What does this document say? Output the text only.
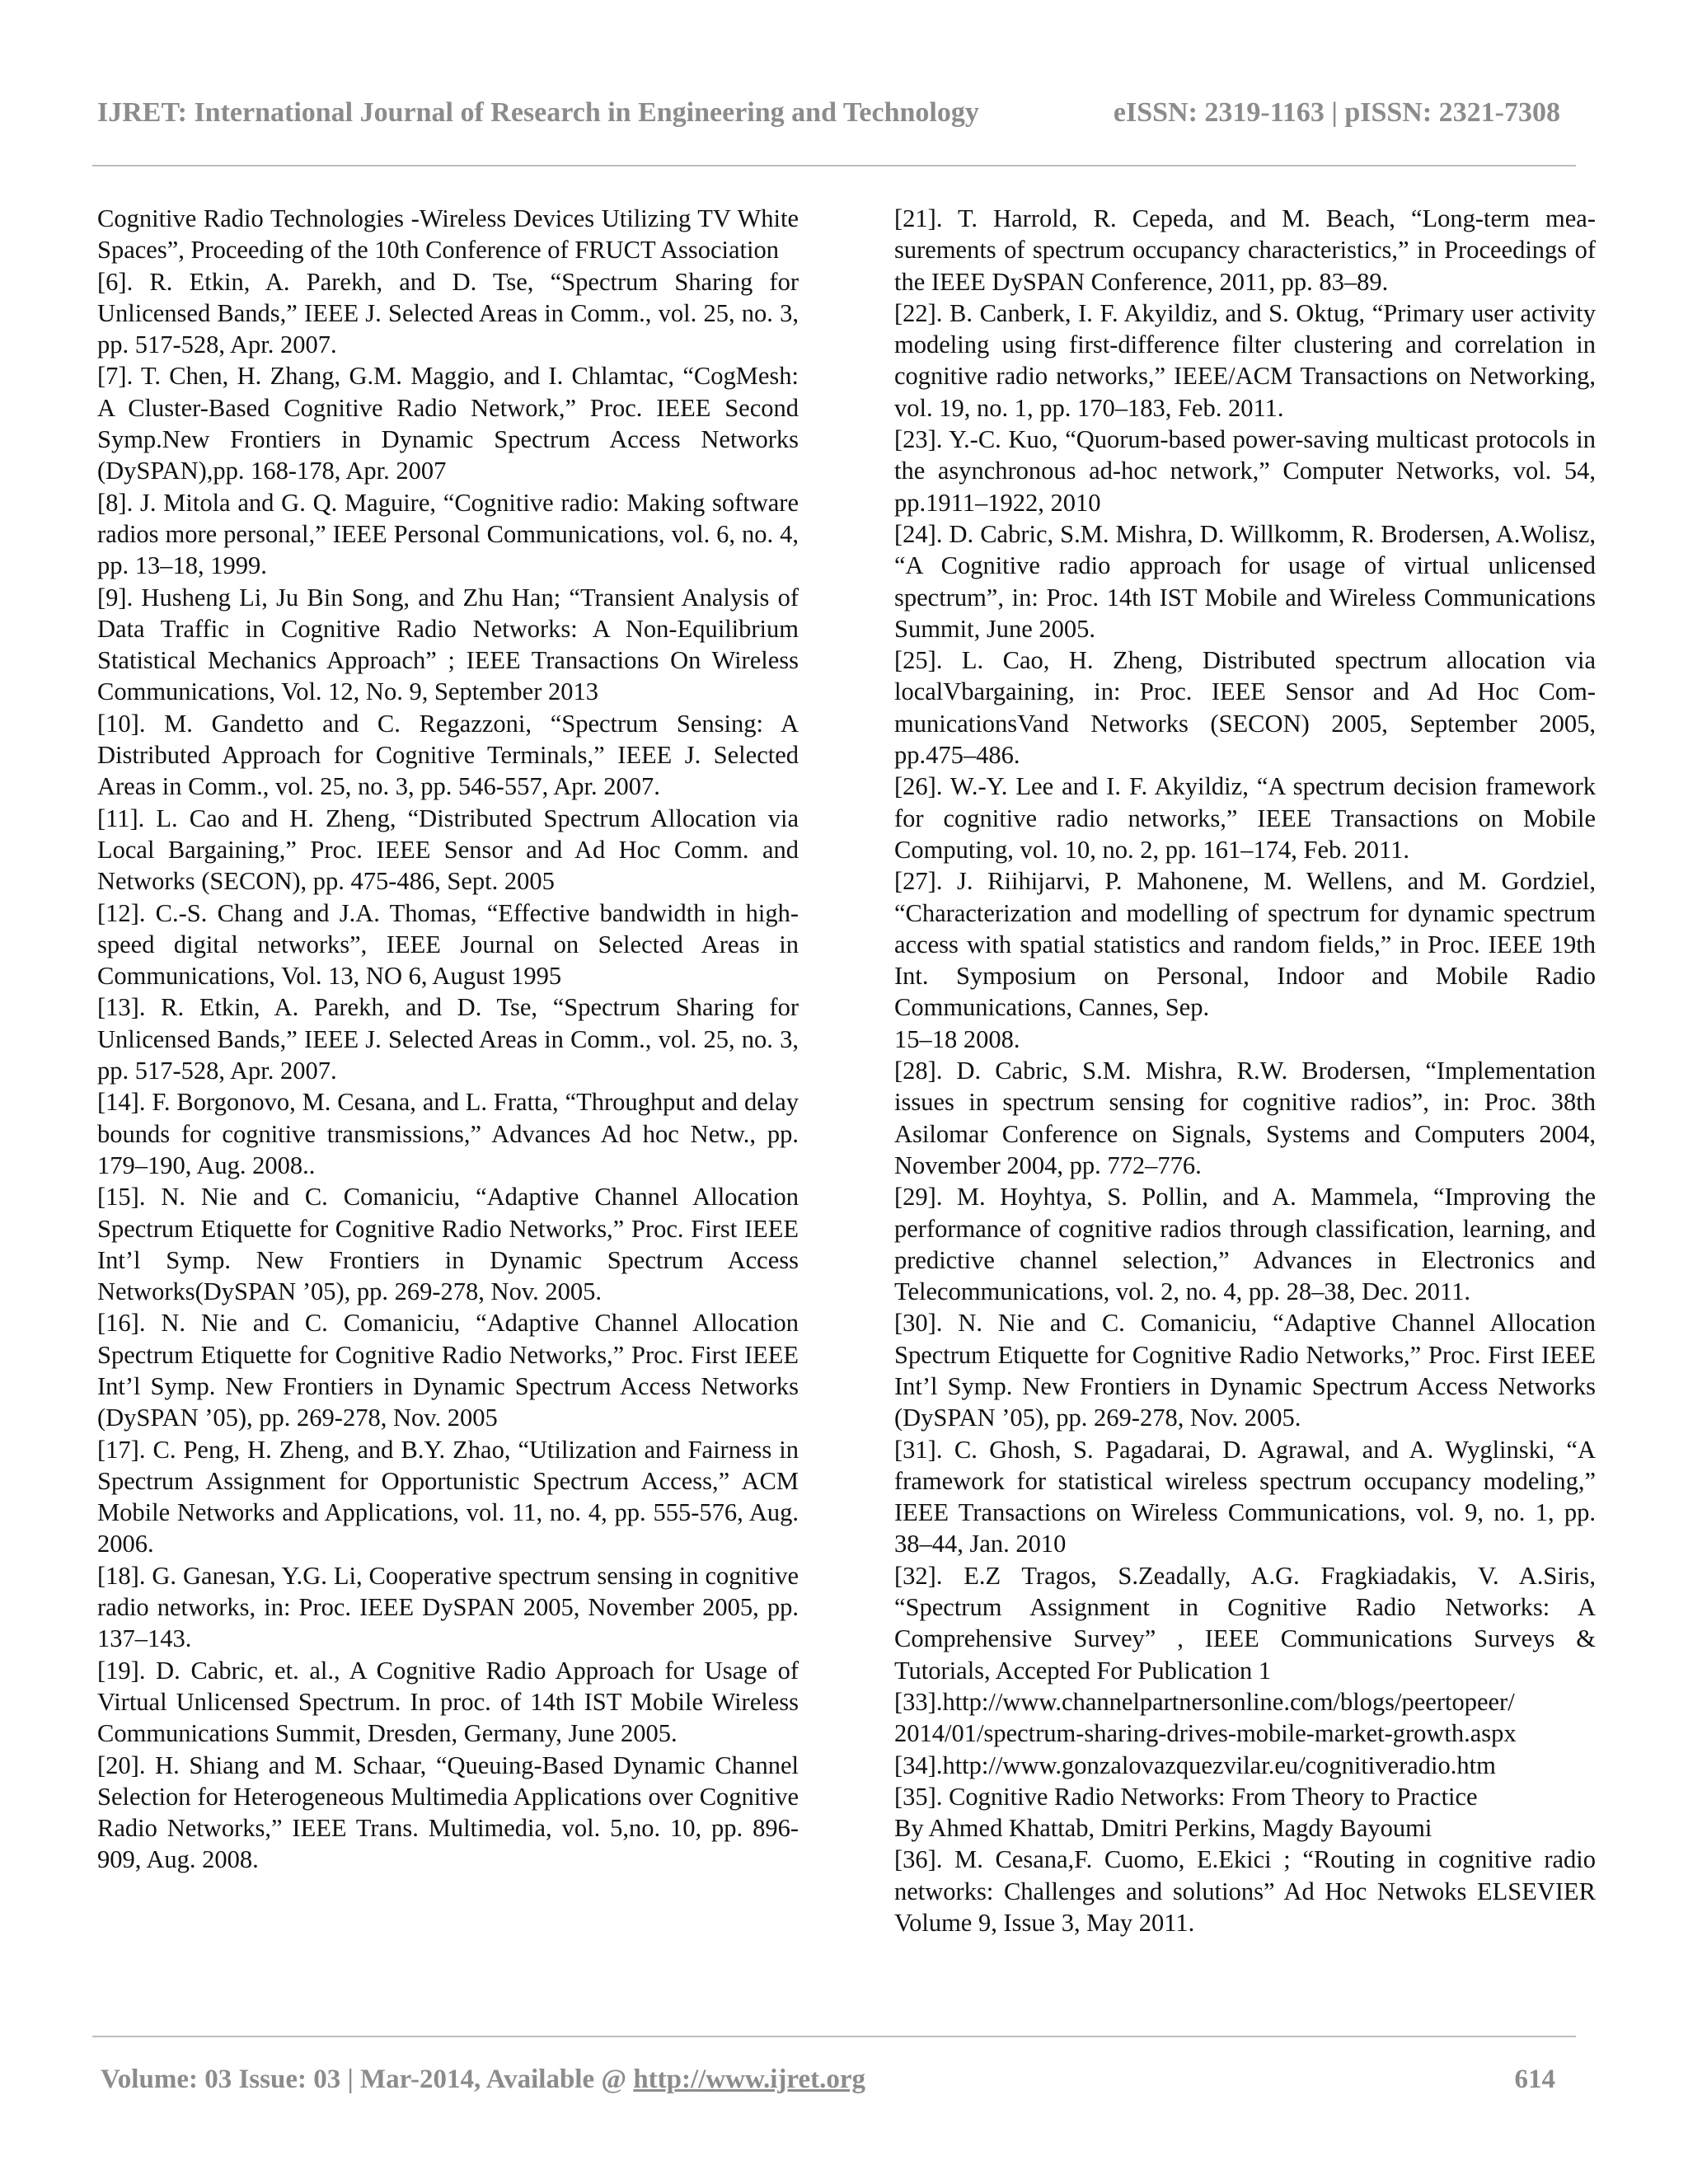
IJRET: International Journal of Research in Engineering and Technology	eISSN: 2319-1163 | pISSN: 2321-7308

Cognitive Radio Technologies -Wireless Devices Utilizing TV White Spaces”, Proceeding of the 10th Conference of FRUCT Association

[6]. R. Etkin, A. Parekh, and D. Tse, “Spectrum Sharing for Unlicensed Bands,” IEEE J. Selected Areas in Comm., vol. 25, no. 3, pp. 517-528, Apr. 2007.

[7]. T. Chen, H. Zhang, G.M. Maggio, and I. Chlamtac, “CogMesh: A Cluster-Based Cognitive Radio Network,” Proc. IEEE Second Symp.New Frontiers in Dynamic Spectrum Access Networks (DySPAN),pp. 168-178, Apr. 2007

[8]. J. Mitola and G. Q. Maguire, “Cognitive radio: Making software radios more personal,” IEEE Personal Communications, vol. 6, no. 4, pp. 13–18, 1999.

[9]. Husheng Li, Ju Bin Song, and Zhu Han; “Transient Analysis of Data Traffic in Cognitive Radio Networks: A Non-Equilibrium Statistical Mechanics Approach” ; IEEE Transactions On Wireless Communications, Vol. 12, No. 9, September 2013

[10]. M. Gandetto and C. Regazzoni, “Spectrum Sensing: A Distributed Approach for Cognitive Terminals,” IEEE J. Selected Areas in Comm., vol. 25, no. 3, pp. 546-557, Apr. 2007.

[11]. L. Cao and H. Zheng, “Distributed Spectrum Allocation via Local Bargaining,” Proc. IEEE Sensor and Ad Hoc Comm. and Networks (SECON), pp. 475-486, Sept. 2005

[12]. C.-S. Chang and J.A. Thomas, “Effective bandwidth in high-speed digital networks”, IEEE Journal on Selected Areas in Communications, Vol. 13, NO 6, August 1995

[13]. R. Etkin, A. Parekh, and D. Tse, “Spectrum Sharing for Unlicensed Bands,” IEEE J. Selected Areas in Comm., vol. 25, no. 3, pp. 517-528, Apr. 2007.

[14]. F. Borgonovo, M. Cesana, and L. Fratta, “Throughput and delay bounds for cognitive transmissions,” Advances Ad hoc Netw., pp. 179–190, Aug. 2008..

[15]. N. Nie and C. Comaniciu, “Adaptive Channel Allocation Spectrum Etiquette for Cognitive Radio Networks,” Proc. First IEEE Int’l Symp. New Frontiers in Dynamic Spectrum Access Networks(DySPAN ’05), pp. 269-278, Nov. 2005.

[16]. N. Nie and C. Comaniciu, “Adaptive Channel Allocation Spectrum Etiquette for Cognitive Radio Networks,” Proc. First IEEE Int’l Symp. New Frontiers in Dynamic Spectrum Access Networks (DySPAN ’05), pp. 269-278, Nov. 2005

[17]. C. Peng, H. Zheng, and B.Y. Zhao, “Utilization and Fairness in Spectrum Assignment for Opportunistic Spectrum Access,” ACM Mobile Networks and Applications, vol. 11, no. 4, pp. 555-576, Aug. 2006.

[18]. G. Ganesan, Y.G. Li, Cooperative spectrum sensing in cognitive radio networks, in: Proc. IEEE DySPAN 2005, November 2005, pp. 137–143.

[19]. D. Cabric, et. al., A Cognitive Radio Approach for Usage of Virtual Unlicensed Spectrum. In proc. of 14th IST Mobile Wireless Communications Summit, Dresden, Germany, June 2005.

[20]. H. Shiang and M. Schaar, “Queuing-Based Dynamic Channel Selection for Heterogeneous Multimedia Applications over Cognitive Radio Networks,” IEEE Trans. Multimedia, vol. 5,no. 10, pp. 896-909, Aug. 2008.

[21]. T. Harrold, R. Cepeda, and M. Beach, “Long-term measurements of spectrum occupancy characteristics,” in Proceedings of the IEEE DySPAN Conference, 2011, pp. 83–89.

[22]. B. Canberk, I. F. Akyildiz, and S. Oktug, “Primary user activity modeling using first-difference filter clustering and correlation in cognitive radio networks,” IEEE/ACM Transactions on Networking, vol. 19, no. 1, pp. 170–183, Feb. 2011.

[23]. Y.-C. Kuo, “Quorum-based power-saving multicast protocols in the asynchronous ad-hoc network,” Computer Networks, vol. 54, pp.1911–1922, 2010

[24]. D. Cabric, S.M. Mishra, D. Willkomm, R. Brodersen, A.Wolisz, “A Cognitive radio approach for usage of virtual unlicensed spectrum”, in: Proc. 14th IST Mobile and Wireless Communications Summit, June 2005.

[25]. L. Cao, H. Zheng, Distributed spectrum allocation via localVbargaining, in: Proc. IEEE Sensor and Ad Hoc CommunicationsVand Networks (SECON) 2005, September 2005, pp.475–486.

[26]. W.-Y. Lee and I. F. Akyildiz, “A spectrum decision framework for cognitive radio networks,” IEEE Transactions on Mobile Computing, vol. 10, no. 2, pp. 161–174, Feb. 2011.

[27]. J. Riihijarvi, P. Mahonene, M. Wellens, and M. Gordziel, “Characterization and modelling of spectrum for dynamic spectrum access with spatial statistics and random fields,” in Proc. IEEE 19th Int. Symposium on Personal, Indoor and Mobile Radio Communications, Cannes, Sep.

15–18 2008.

[28]. D. Cabric, S.M. Mishra, R.W. Brodersen, “Implementation issues in spectrum sensing for cognitive radios”, in: Proc. 38th Asilomar Conference on Signals, Systems and Computers 2004, November 2004, pp. 772–776.

[29]. M. Hoyhtya, S. Pollin, and A. Mammela, “Improving the performance of cognitive radios through classification, learning, and predictive channel selection,” Advances in Electronics and Telecommunications, vol. 2, no. 4, pp. 28–38, Dec. 2011.

[30]. N. Nie and C. Comaniciu, “Adaptive Channel Allocation Spectrum Etiquette for Cognitive Radio Networks,” Proc. First IEEE Int’l Symp. New Frontiers in Dynamic Spectrum Access Networks (DySPAN ’05), pp. 269-278, Nov. 2005.

[31]. C. Ghosh, S. Pagadarai, D. Agrawal, and A. Wyglinski, “A framework for statistical wireless spectrum occupancy modeling,” IEEE Transactions on Wireless Communications, vol. 9, no. 1, pp. 38–44, Jan. 2010

[32]. E.Z Tragos, S.Zeadally, A.G. Fragkiadakis, V. A.Siris, “Spectrum Assignment in Cognitive Radio Networks: A Comprehensive Survey” , IEEE Communications Surveys & Tutorials, Accepted For Publication 1

[33].http://www.channelpartnersonline.com/blogs/peertopeer/ 2014/01/spectrum-sharing-drives-mobile-market-growth.aspx

[34].http://www.gonzalovazquezvilar.eu/cognitiveradio.htm

[35]. Cognitive Radio Networks: From Theory to Practice

By Ahmed Khattab, Dmitri Perkins, Magdy Bayoumi

[36]. M. Cesana,F. Cuomo, E.Ekici ; “Routing in cognitive radio networks: Challenges and solutions” Ad Hoc Netwoks ELSEVIER Volume 9, Issue 3, May 2011.

Volume: 03 Issue: 03 | Mar-2014, Available @ http://www.ijret.org	614
